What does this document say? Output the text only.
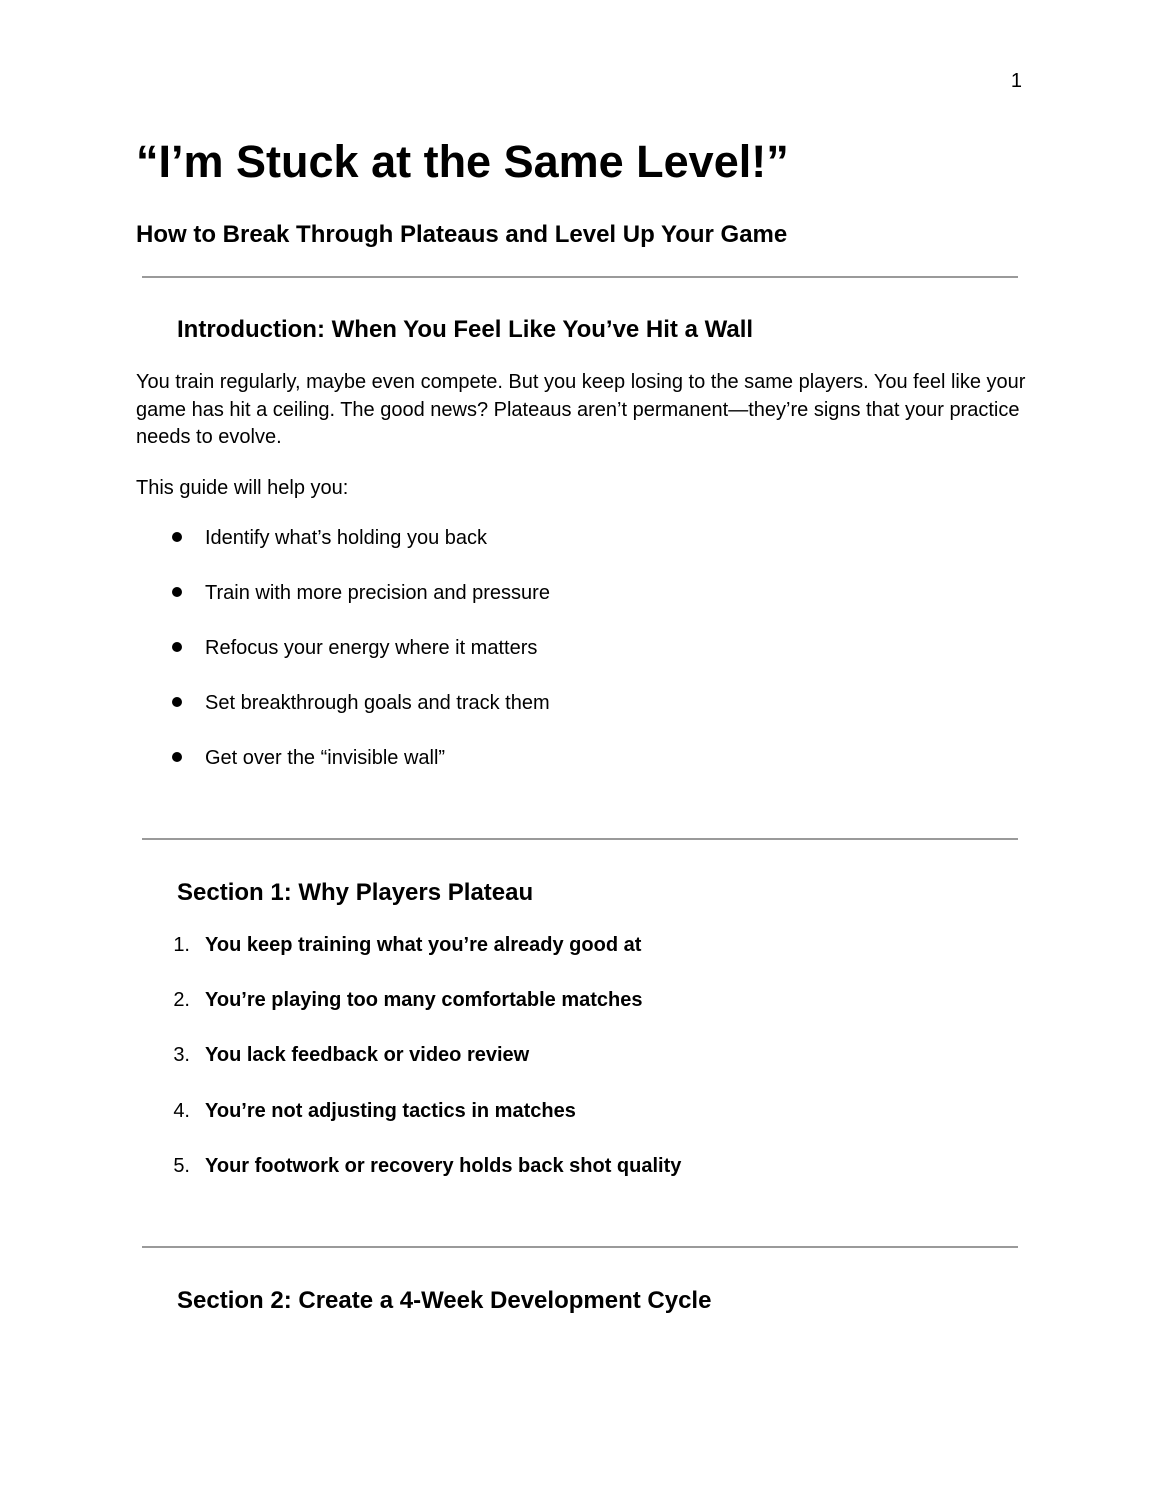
1
“I’m Stuck at the Same Level!”
How to Break Through Plateaus and Level Up Your Game
Introduction: When You Feel Like You’ve Hit a Wall

You train regularly, maybe even compete. But you keep losing to the same players. You feel like your game has hit a ceiling. The good news? Plateaus aren’t permanent—they’re signs that your practice needs to evolve.

This guide will help you:

Identify what’s holding you back
Train with more precision and pressure
Refocus your energy where it matters
Set breakthrough goals and track them
Get over the “invisible wall”
Section 1: Why Players Plateau
1. You keep training what you’re already good at
2. You’re playing too many comfortable matches
3. You lack feedback or video review
4. You’re not adjusting tactics in matches
5. Your footwork or recovery holds back shot quality
Section 2: Create a 4-Week Development Cycle
